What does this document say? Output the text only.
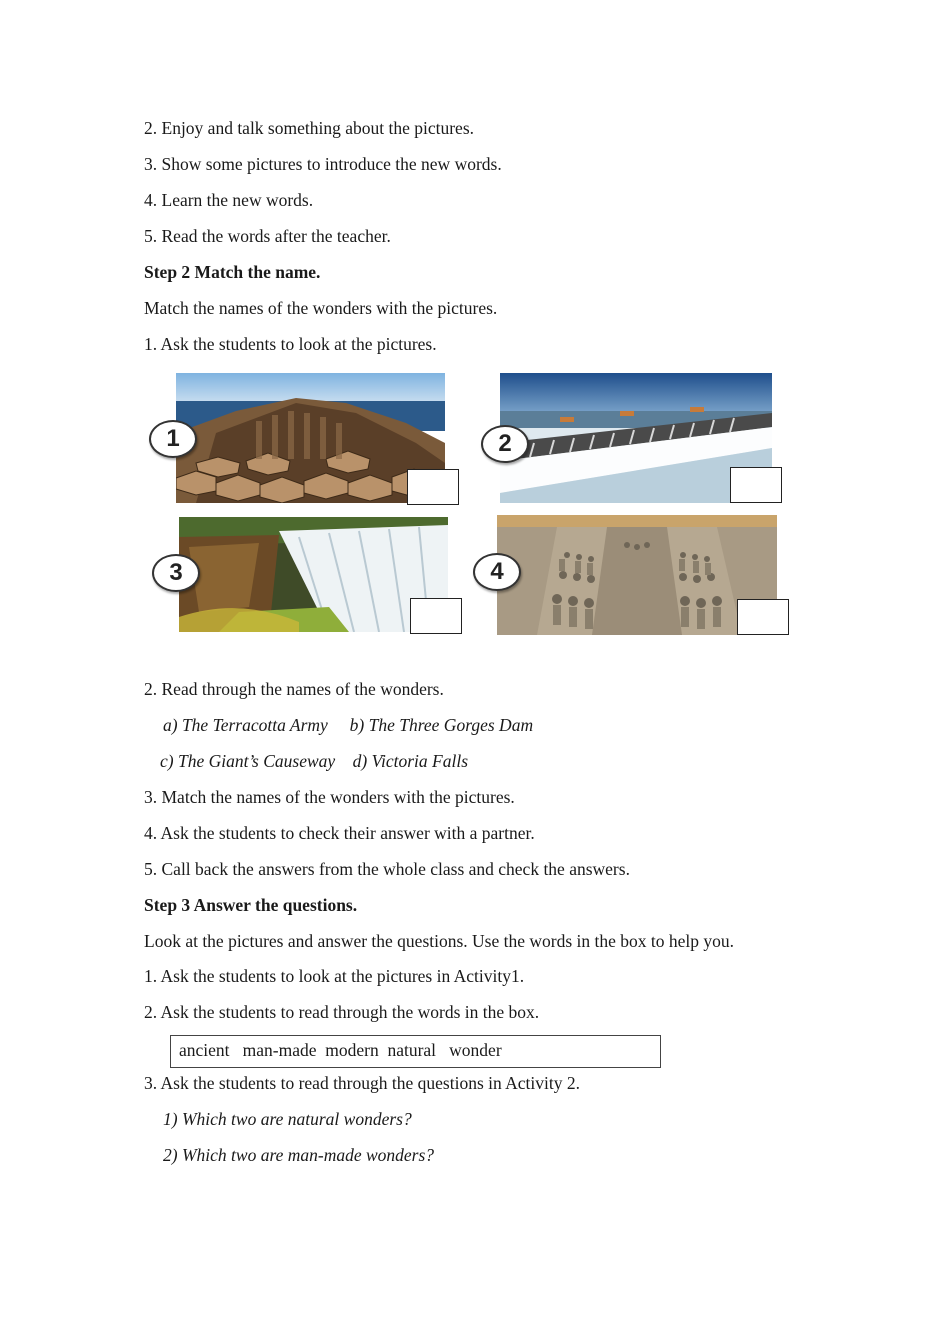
2. Enjoy and talk something about the pictures.
3. Show some pictures to introduce the new words.
4. Learn the new words.
5. Read the words after the teacher.
Step 2 Match the name.
Match the names of the wonders with the pictures.
1. Ask the students to look at the pictures.
1	2
3	4
2. Read through the names of the wonders.
a) The Terracotta Army     b) The Three Gorges Dam
c) The Giant’s Causeway    d) Victoria Falls
3. Match the names of the wonders with the pictures.
4. Ask the students to check their answer with a partner.
5. Call back the answers from the whole class and check the answers.
Step 3 Answer the questions.
Look at the pictures and answer the questions. Use the words in the box to help you.
1. Ask the students to look at the pictures in Activity1.
2. Ask the students to read through the words in the box.
ancient   man-made  modern  natural   wonder
3. Ask the students to read through the questions in Activity 2.
1) Which two are natural wonders?
2) Which two are man-made wonders?
